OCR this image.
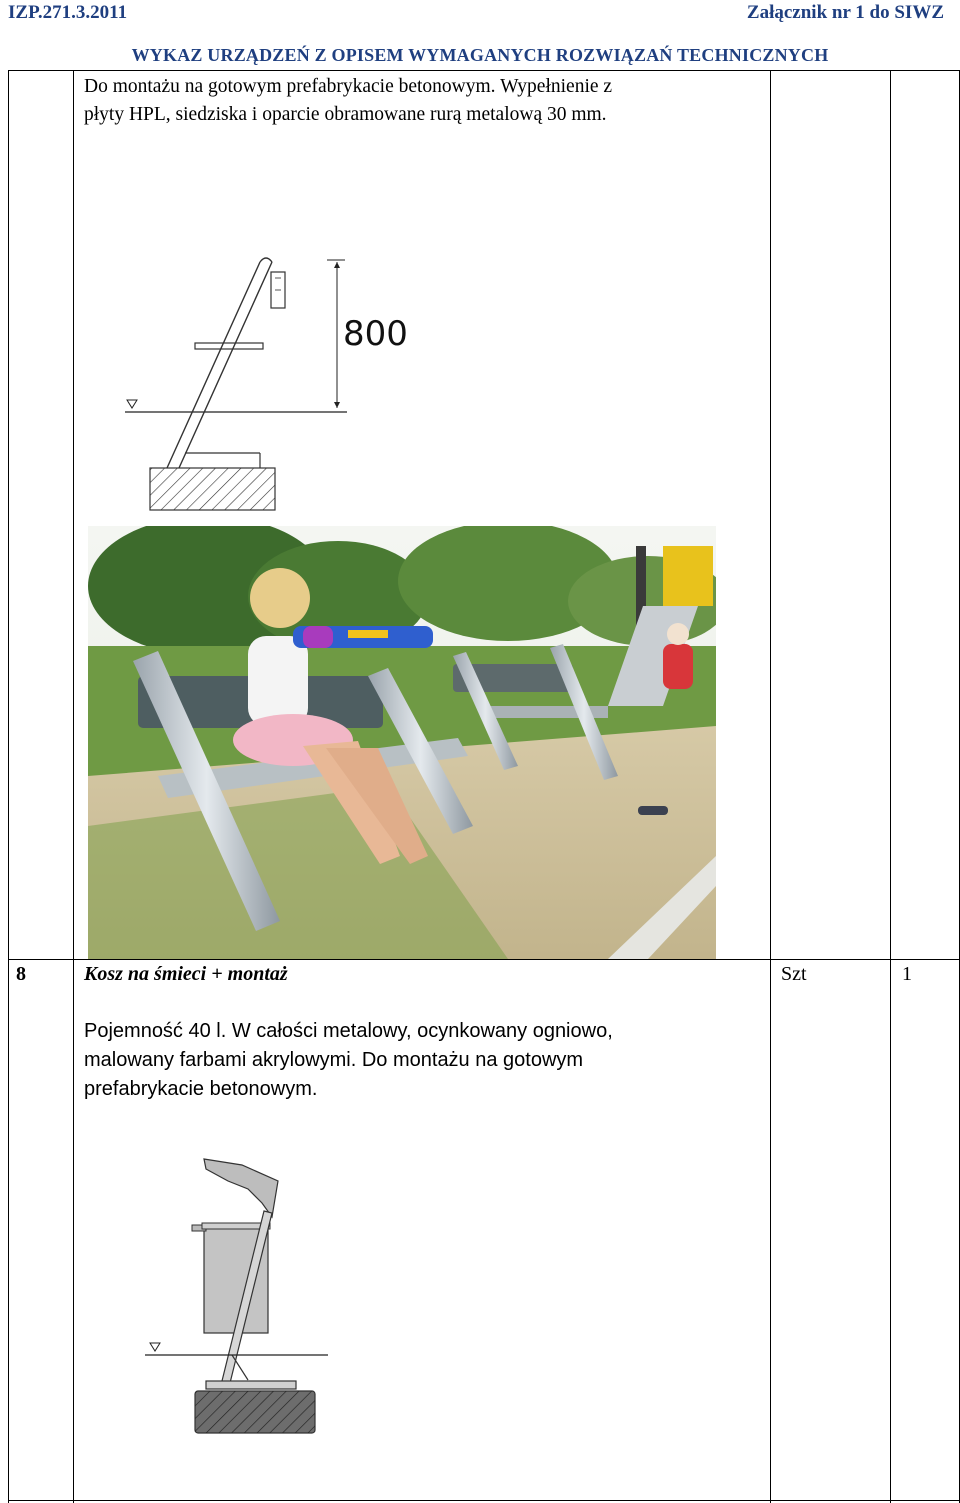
IZP.271.3.2011	Załącznik nr 1 do SIWZ
WYKAZ URZĄDZEŃ Z OPISEM WYMAGANYCH ROZWIĄZAŃ TECHNICZNYCH
Do montażu na gotowym prefabrykacie betonowym. Wypełnienie z
płyty HPL, siedziska i oparcie obramowane rurą metalową 30 mm.
800
8	Kosz na śmieci + montaż	Szt	1
Pojemność 40 l. W całości metalowy, ocynkowany ogniowo,
malowany farbami akrylowymi. Do montażu na gotowym
prefabrykacie betonowym.
